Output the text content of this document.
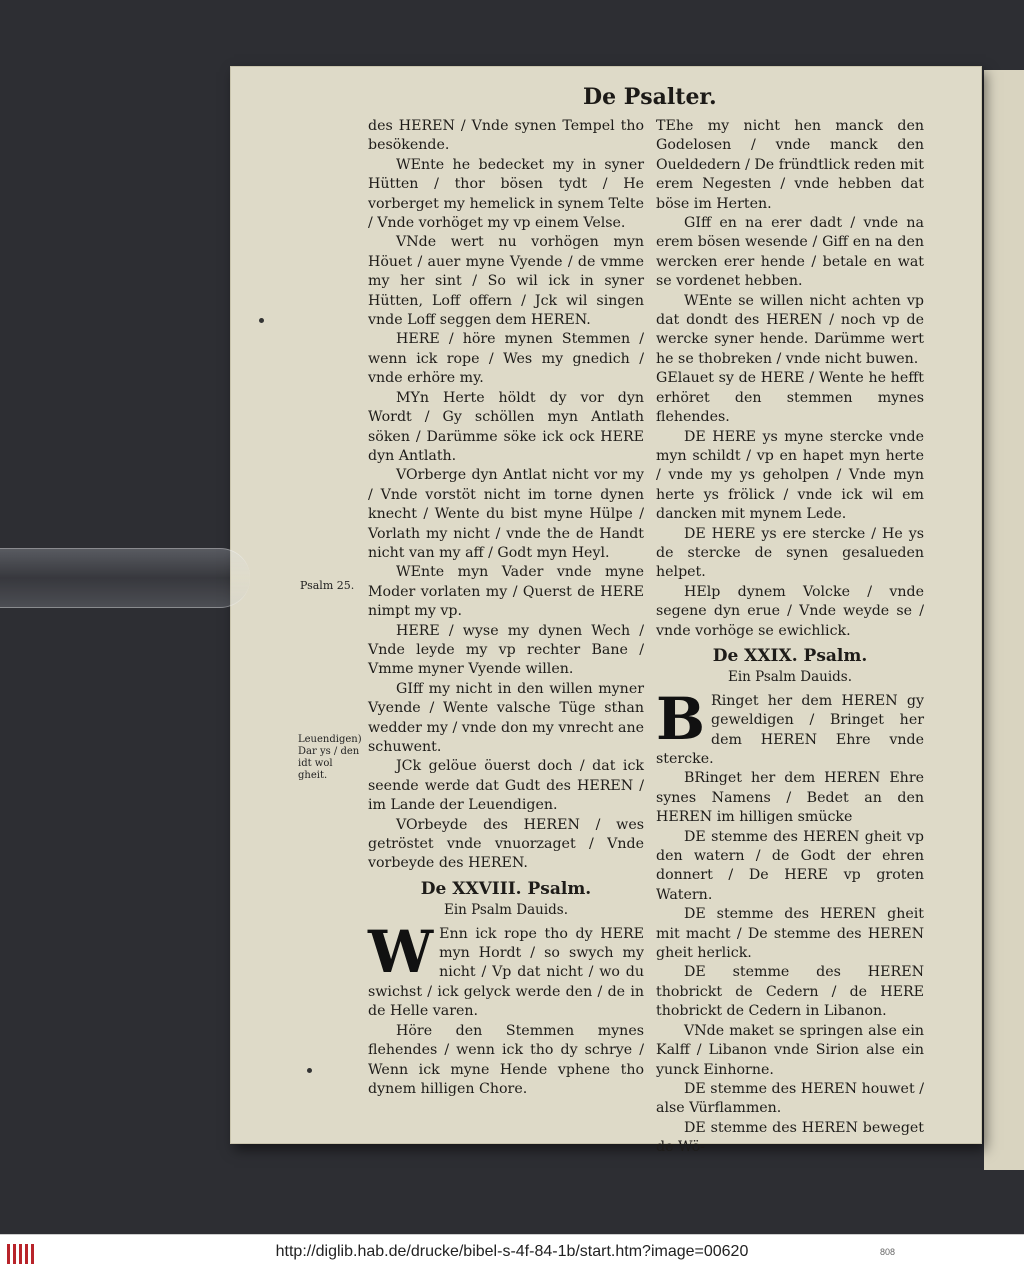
De Psalter.

des HEREN / Vnde synen Tempel tho besökende.

WEnte he bedecket my in syner Hütten / thor bösen tydt / He vorberget my hemelick in synem Telte / Vnde vorhöget my vp einem Velse.

VNde wert nu vorhögen myn Höuet / auer myne Vyende / de vmme my her sint / So wil ick in syner Hütten, Loff offern / Jck wil singen vnde Loff seggen dem HEREN.

HERE / höre mynen Stemmen / wenn ick rope / Wes my gnedich / vnde erhöre my.

MYn Herte höldt dy vor dyn Wordt / Gy schöllen myn Antlath söken / Darümme söke ick ock HERE dyn Antlath.

VOrberge dyn Antlat nicht vor my / Vnde vorstöt nicht im torne dynen knecht / Wente du bist myne Hülpe / Vorlath my nicht / vnde the de Handt nicht van my aff / Godt myn Heyl.

WEnte myn Vader vnde myne Moder vorlaten my / Querst de HERE nimpt my vp.

HERE / wyse my dynen Wech / Vnde leyde my vp rechter Bane / Vmme myner Vyende willen.

GIff my nicht in den willen myner Vyende / Wente valsche Tüge sthan wedder my / vnde don my vnrecht ane schuwent.

JCk gelöue öuerst doch / dat ick seende werde dat Gudt des HEREN / im Lande der Leuendigen.

VOrbeyde des HEREN / wes getröstet vnde vnuorzaget / Vnde vorbeyde des HEREN.

De XXVIII. Psalm.
Ein Psalm Dauids.

W Enn ick rope tho dy HERE myn Hordt / so swych my nicht / Vp dat nicht / wo du swichst / ick gelyck werde den / de in de Helle varen.

Höre den Stemmen mynes flehendes / wenn ick tho dy schrye / Wenn ick myne Hende vphene tho dynem hilligen Chore.

TEhe my nicht hen manck den Godelosen / vnde manck den Oueldedern / De fründtlick reden mit erem Negesten / vnde hebben dat böse im Herten.

GIff en na erer dadt / vnde na erem bösen wesende / Giff en na den wercken erer hende / betale en wat se vordenet hebben.

WEnte se willen nicht achten vp dat dondt des HEREN / noch vp de wercke syner hende. Darümme wert he se thobreken / vnde nicht buwen.

GElauet sy de HERE / Wente he hefft erhöret den stemmen mynes flehendes.

DE HERE ys myne stercke vnde myn schildt / vp en hapet myn herte / vnde my ys geholpen / Vnde myn herte ys frölick / vnde ick wil em dancken mit mynem Lede.

DE HERE ys ere stercke / He ys de stercke de synen gesalueden helpet.

HElp dynem Volcke / vnde segene dyn erue / Vnde weyde se / vnde vorhöge se ewichlick.

De XXIX. Psalm.
Ein Psalm Dauids.

B Ringet her dem HEREN gy geweldigen / Bringet her dem HEREN Ehre vnde stercke.

BRinget her dem HEREN Ehre synes Namens / Bedet an den HEREN im hilligen smücke

DE stemme des HEREN gheit vp den watern / de Godt der ehren donnert / De HERE vp groten Watern.

DE stemme des HEREN gheit mit macht / De stemme des HEREN gheit herlick.

DE stemme des HEREN thobrickt de Cedern / de HERE thobrickt de Cedern in Libanon.

VNde maket se springen alse ein Kalff / Libanon vnde Sirion alse ein yunck Einhorne.

DE stemme des HEREN houwet / alse Vürflammen.

DE stemme des HEREN beweget de Wö-

Psalm 25.
Leuendigen) Dar ys / den idt wol gheit.
http://diglib.hab.de/drucke/bibel-s-4f-84-1b/start.htm?image=00620	808
